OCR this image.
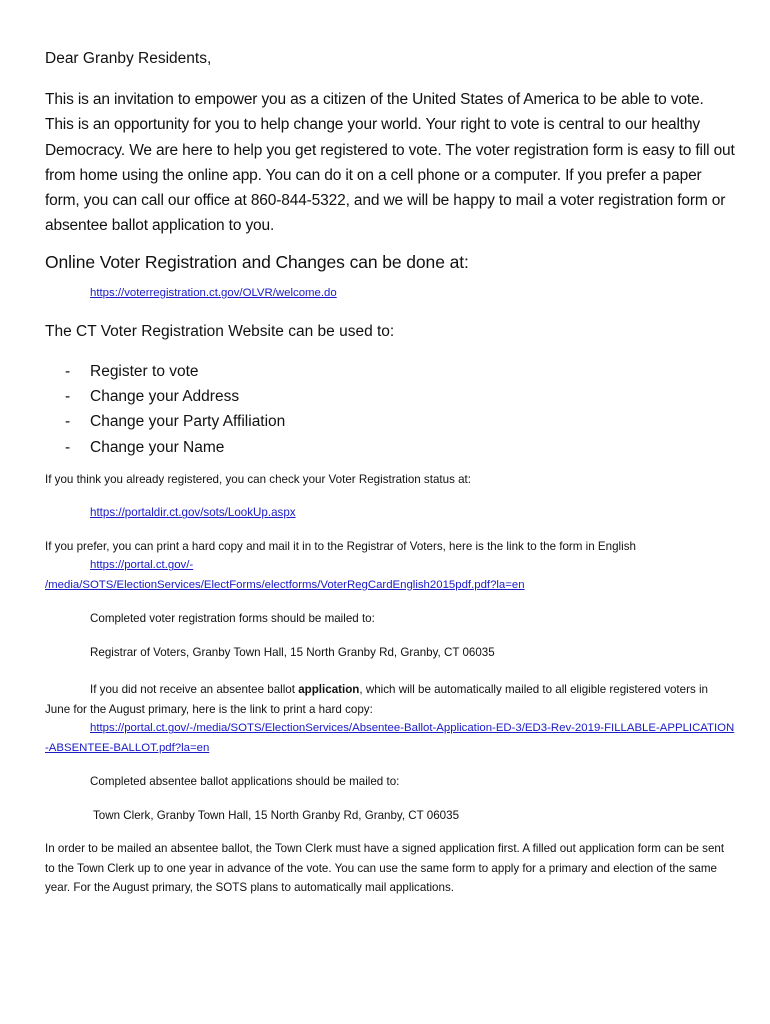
Dear Granby Residents,

This is an invitation to empower you as a citizen of the United States of America to be able to vote. This is an opportunity for you to help change your world. Your right to vote is central to our healthy Democracy. We are here to help you get registered to vote. The voter registration form is easy to fill out from home using the online app. You can do it on a cell phone or a computer. If you prefer a paper form, you can call our office at 860-844-5322, and we will be happy to mail a voter registration form or absentee ballot application to you.

Online Voter Registration and Changes can be done at:

https://voterregistration.ct.gov/OLVR/welcome.do

The CT Voter Registration Website can be used to:

-	Register to vote
-	Change your Address
-	Change your Party Affiliation
-	Change your Name

If you think you already registered, you can check your Voter Registration status at:

https://portaldir.ct.gov/sots/LookUp.aspx

If you prefer, you can print a hard copy and mail it in to the Registrar of Voters, here is the link to the form in English

https://portal.ct.gov/-
/media/SOTS/ElectionServices/ElectForms/electforms/VoterRegCardEnglish2015pdf.pdf?la=en

Completed voter registration forms should be mailed to:

Registrar of Voters, Granby Town Hall, 15 North Granby Rd, Granby, CT 06035

If you did not receive an absentee ballot application, which will be automatically mailed to all eligible registered voters in June for the August primary, here is the link to print a hard copy:

https://portal.ct.gov/-/media/SOTS/ElectionServices/Absentee-Ballot-Application-ED-3/ED3-Rev-2019-FILLABLE-APPLICATION-ABSENTEE-BALLOT.pdf?la=en

Completed absentee ballot applications should be mailed to:

Town Clerk, Granby Town Hall, 15 North Granby Rd, Granby, CT 06035

In order to be mailed an absentee ballot, the Town Clerk must have a signed application first. A filled out application form can be sent to the Town Clerk up to one year in advance of the vote. You can use the same form to apply for a primary and election of the same year. For the August primary, the SOTS plans to automatically mail applications.
